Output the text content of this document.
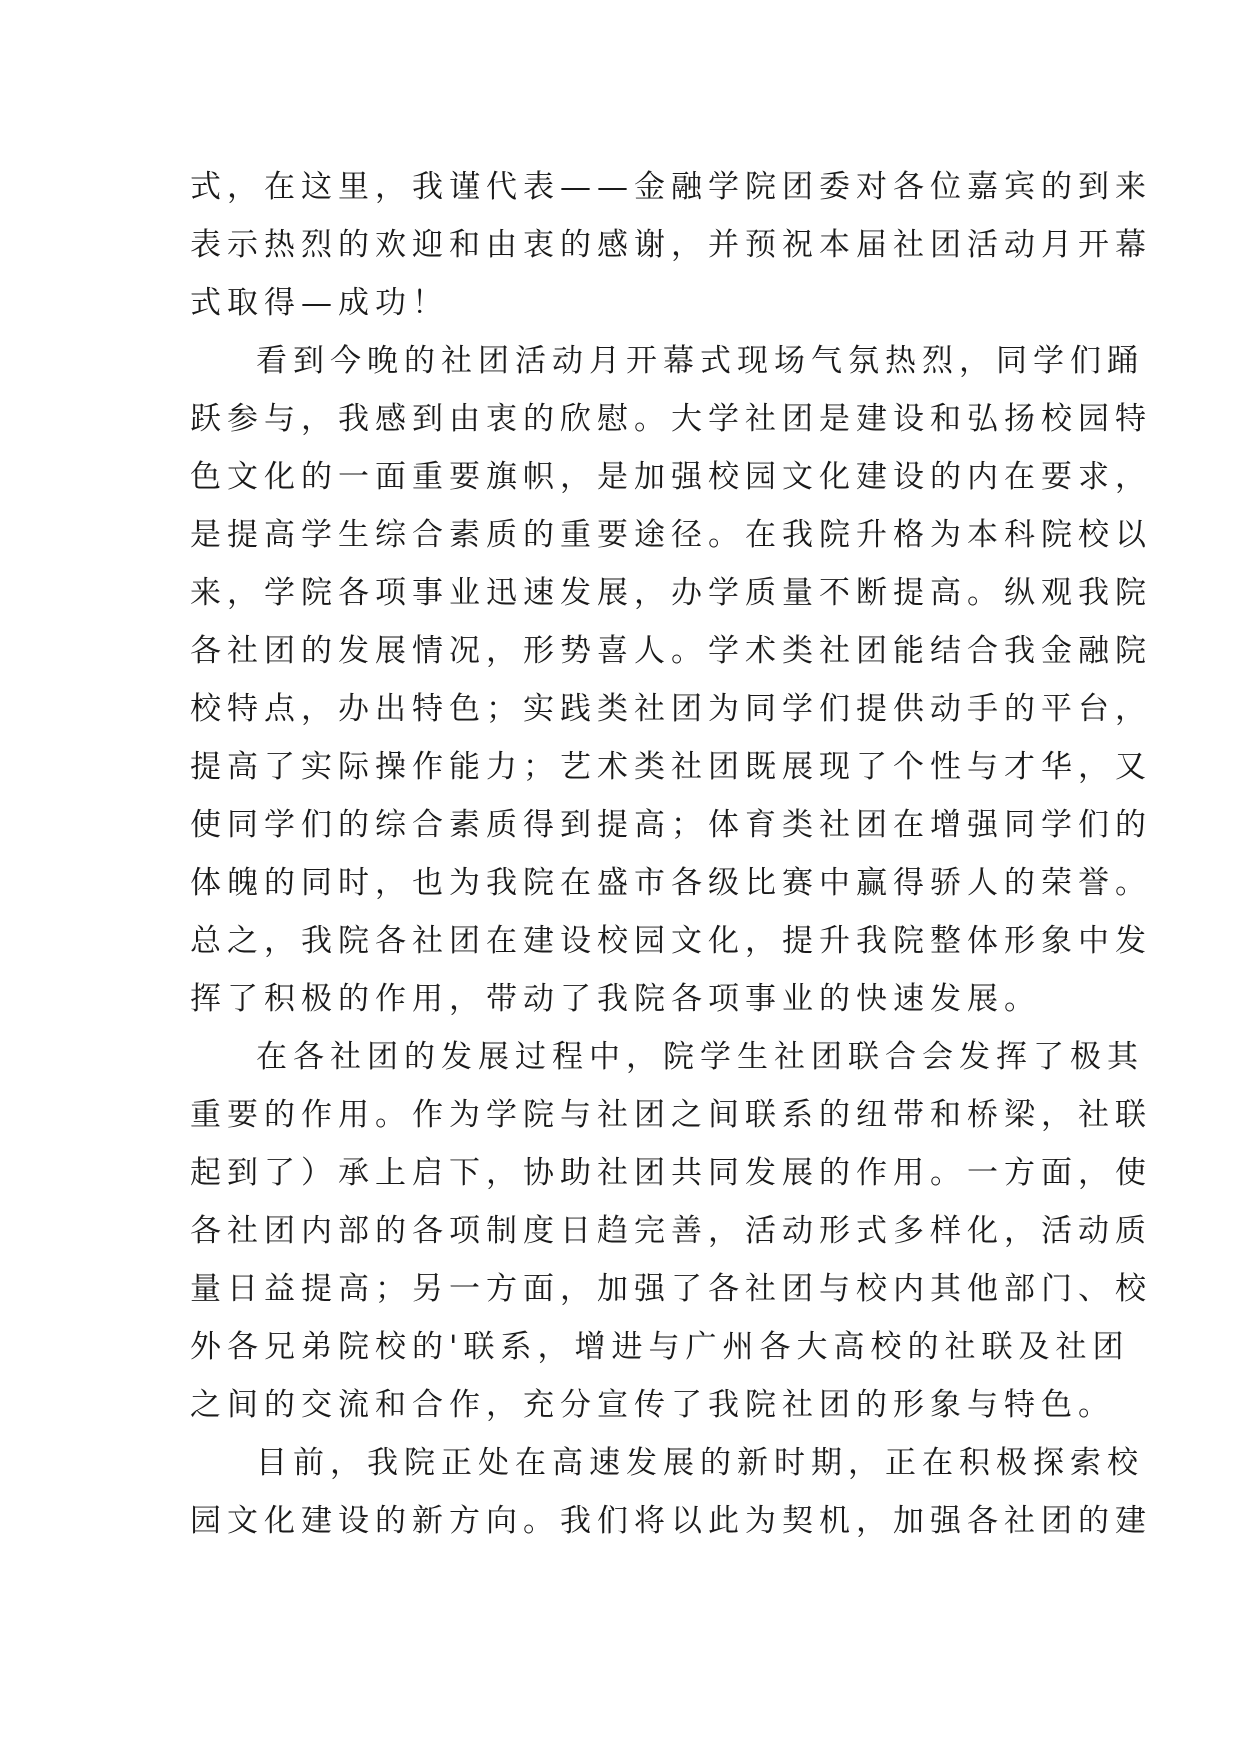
式，在这里，我谨代表——金融学院团委对各位嘉宾的到来
表示热烈的欢迎和由衷的感谢，并预祝本届社团活动月开幕
式取得—成功！
看到今晚的社团活动月开幕式现场气氛热烈，同学们踊
跃参与，我感到由衷的欣慰。大学社团是建设和弘扬校园特
色文化的一面重要旗帜，是加强校园文化建设的内在要求，
是提高学生综合素质的重要途径。在我院升格为本科院校以
来，学院各项事业迅速发展，办学质量不断提高。纵观我院
各社团的发展情况，形势喜人。学术类社团能结合我金融院
校特点，办出特色；实践类社团为同学们提供动手的平台，
提高了实际操作能力；艺术类社团既展现了个性与才华，又
使同学们的综合素质得到提高；体育类社团在增强同学们的
体魄的同时，也为我院在盛市各级比赛中赢得骄人的荣誉。
总之，我院各社团在建设校园文化，提升我院整体形象中发
挥了积极的作用，带动了我院各项事业的快速发展。
在各社团的发展过程中，院学生社团联合会发挥了极其
重要的作用。作为学院与社团之间联系的纽带和桥梁，社联
起到了）承上启下，协助社团共同发展的作用。一方面，使
各社团内部的各项制度日趋完善，活动形式多样化，活动质
量日益提高；另一方面，加强了各社团与校内其他部门、校
外各兄弟院校的'联系，增进与广州各大高校的社联及社团
之间的交流和合作，充分宣传了我院社团的形象与特色。
目前，我院正处在高速发展的新时期，正在积极探索校
园文化建设的新方向。我们将以此为契机，加强各社团的建
